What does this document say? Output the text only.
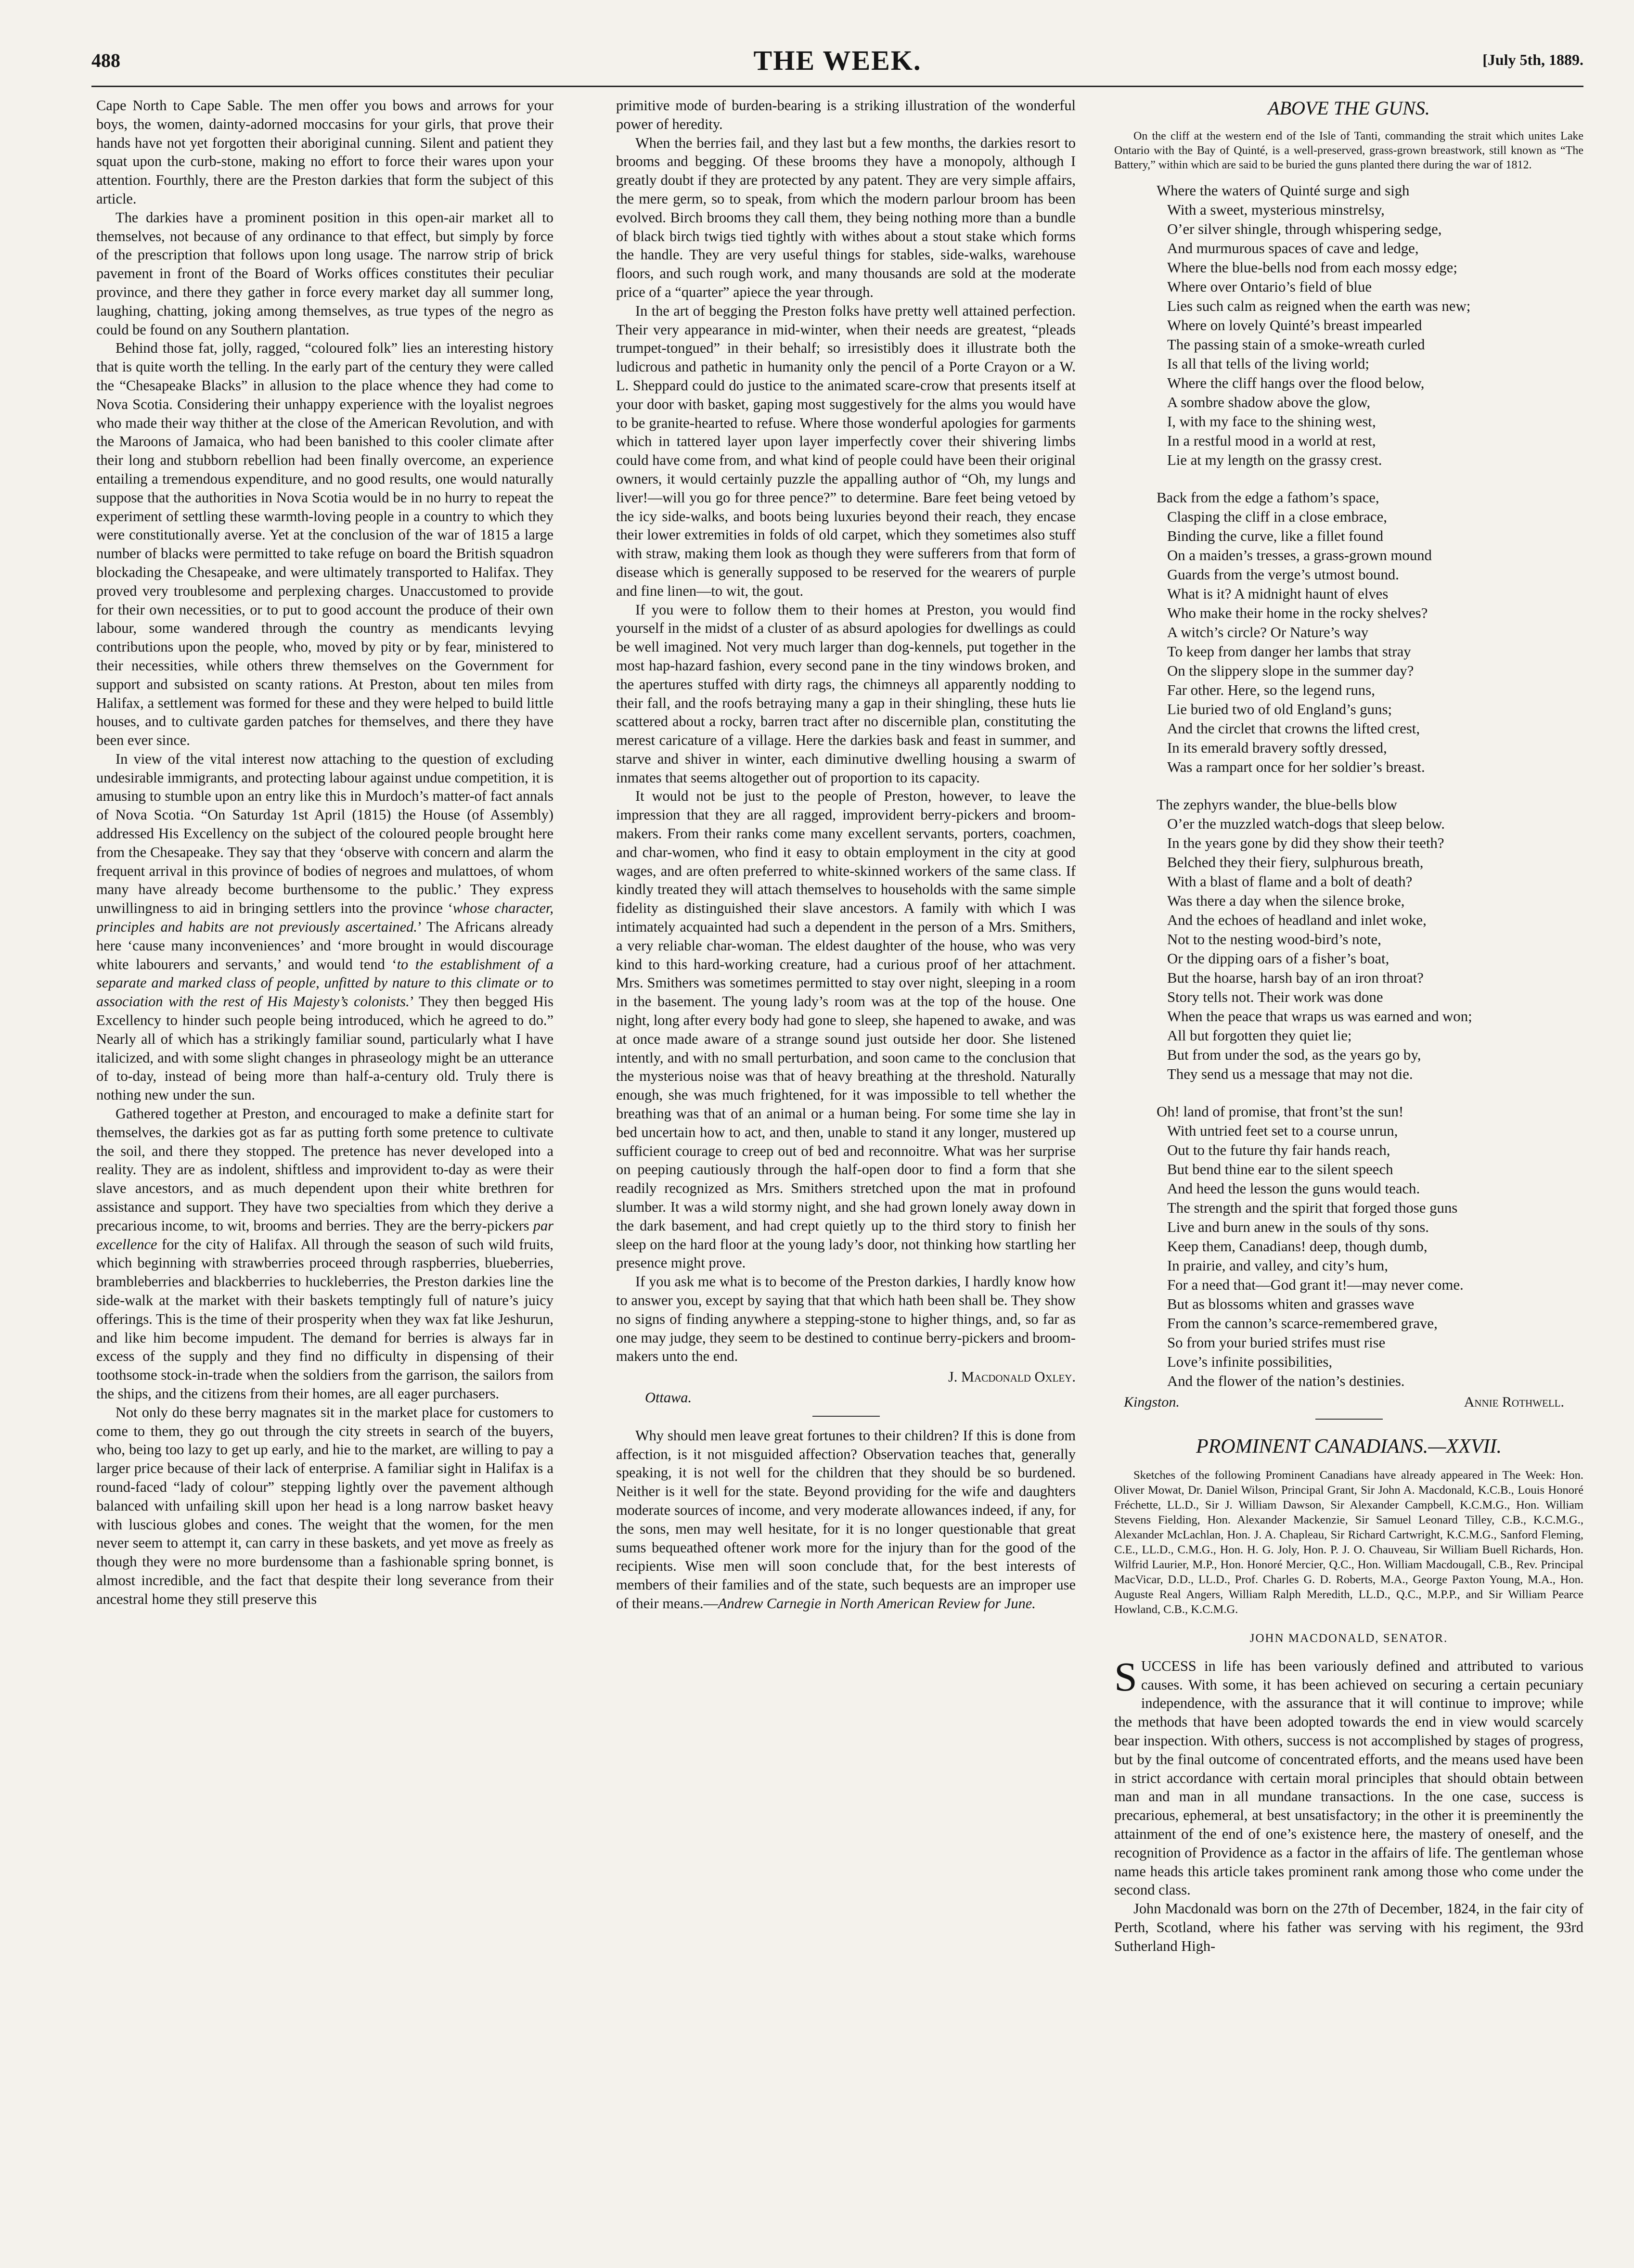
488	THE WEEK.	[July 5th, 1889.

Cape North to Cape Sable. The men offer you bows and arrows for your boys, the women, dainty-adorned moccasins for your girls, that prove their hands have not yet forgotten their aboriginal cunning. Silent and patient they squat upon the curb-stone, making no effort to force their wares upon your attention. Fourthly, there are the Preston darkies that form the subject of this article.

The darkies have a prominent position in this open-air market all to themselves, not because of any ordinance to that effect, but simply by force of the prescription that follows upon long usage. The narrow strip of brick pavement in front of the Board of Works offices constitutes their peculiar province, and there they gather in force every market day all summer long, laughing, chatting, joking among themselves, as true types of the negro as could be found on any Southern plantation.

Behind those fat, jolly, ragged, “coloured folk” lies an interesting history that is quite worth the telling. In the early part of the century they were called the “Chesapeake Blacks” in allusion to the place whence they had come to Nova Scotia. Considering their unhappy experience with the loyalist negroes who made their way thither at the close of the American Revolution, and with the Maroons of Jamaica, who had been banished to this cooler climate after their long and stubborn rebellion had been finally overcome, an experience entailing a tremendous expenditure, and no good results, one would naturally suppose that the authorities in Nova Scotia would be in no hurry to repeat the experiment of settling these warmth-loving people in a country to which they were constitutionally averse. Yet at the conclusion of the war of 1815 a large number of blacks were permitted to take refuge on board the British squadron blockading the Chesapeake, and were ultimately transported to Halifax. They proved very troublesome and perplexing charges. Unaccustomed to provide for their own necessities, or to put to good account the produce of their own labour, some wandered through the country as mendicants levying contributions upon the people, who, moved by pity or by fear, ministered to their necessities, while others threw themselves on the Government for support and subsisted on scanty rations. At Preston, about ten miles from Halifax, a settlement was formed for these and they were helped to build little houses, and to cultivate garden patches for themselves, and there they have been ever since.

In view of the vital interest now attaching to the question of excluding undesirable immigrants, and protecting labour against undue competition, it is amusing to stumble upon an entry like this in Murdoch’s matter-of fact annals of Nova Scotia. “On Saturday 1st April (1815) the House (of Assembly) addressed His Excellency on the subject of the coloured people brought here from the Chesapeake. They say that they ‘observe with concern and alarm the frequent arrival in this province of bodies of negroes and mulattoes, of whom many have already become burthensome to the public.’ They express unwillingness to aid in bringing settlers into the province ‘whose character, principles and habits are not previously ascertained.’ The Africans already here ‘cause many inconveniences’ and ‘more brought in would discourage white labourers and servants,’ and would tend ‘to the establishment of a separate and marked class of people, unfitted by nature to this climate or to association with the rest of His Majesty’s colonists.’ They then begged His Excellency to hinder such people being introduced, which he agreed to do.” Nearly all of which has a strikingly familiar sound, particularly what I have italicized, and with some slight changes in phraseology might be an utterance of to-day, instead of being more than half-a-century old. Truly there is nothing new under the sun.

Gathered together at Preston, and encouraged to make a definite start for themselves, the darkies got as far as putting forth some pretence to cultivate the soil, and there they stopped. The pretence has never developed into a reality. They are as indolent, shiftless and improvident to-day as were their slave ancestors, and as much dependent upon their white brethren for assistance and support. They have two specialties from which they derive a precarious income, to wit, brooms and berries. They are the berry-pickers par excellence for the city of Halifax. All through the season of such wild fruits, which beginning with strawberries proceed through raspberries, blueberries, brambleberries and blackberries to huckleberries, the Preston darkies line the side-walk at the market with their baskets temptingly full of nature’s juicy offerings. This is the time of their prosperity when they wax fat like Jeshurun, and like him become impudent. The demand for berries is always far in excess of the supply and they find no difficulty in dispensing of their toothsome stock-in-trade when the soldiers from the garrison, the sailors from the ships, and the citizens from their homes, are all eager purchasers.

Not only do these berry magnates sit in the market place for customers to come to them, they go out through the city streets in search of the buyers, who, being too lazy to get up early, and hie to the market, are willing to pay a larger price because of their lack of enterprise. A familiar sight in Halifax is a round-faced “lady of colour” stepping lightly over the pavement although balanced with unfailing skill upon her head is a long narrow basket heavy with luscious globes and cones. The weight that the women, for the men never seem to attempt it, can carry in these baskets, and yet move as freely as though they were no more burdensome than a fashionable spring bonnet, is almost incredible, and the fact that despite their long severance from their ancestral home they still preserve this

primitive mode of burden-bearing is a striking illustration of the wonderful power of heredity.

When the berries fail, and they last but a few months, the darkies resort to brooms and begging. Of these brooms they have a monopoly, although I greatly doubt if they are protected by any patent. They are very simple affairs, the mere germ, so to speak, from which the modern parlour broom has been evolved. Birch brooms they call them, they being nothing more than a bundle of black birch twigs tied tightly with withes about a stout stake which forms the handle. They are very useful things for stables, side-walks, warehouse floors, and such rough work, and many thousands are sold at the moderate price of a “quarter” apiece the year through.

In the art of begging the Preston folks have pretty well attained perfection. Their very appearance in mid-winter, when their needs are greatest, “pleads trumpet-tongued” in their behalf; so irresistibly does it illustrate both the ludicrous and pathetic in humanity only the pencil of a Porte Crayon or a W. L. Sheppard could do justice to the animated scare-crow that presents itself at your door with basket, gaping most suggestively for the alms you would have to be granite-hearted to refuse. Where those wonderful apologies for garments which in tattered layer upon layer imperfectly cover their shivering limbs could have come from, and what kind of people could have been their original owners, it would certainly puzzle the appalling author of “Oh, my lungs and liver!—will you go for three pence?” to determine. Bare feet being vetoed by the icy side-walks, and boots being luxuries beyond their reach, they encase their lower extremities in folds of old carpet, which they sometimes also stuff with straw, making them look as though they were sufferers from that form of disease which is generally supposed to be reserved for the wearers of purple and fine linen—to wit, the gout.

If you were to follow them to their homes at Preston, you would find yourself in the midst of a cluster of as absurd apologies for dwellings as could be well imagined. Not very much larger than dog-kennels, put together in the most hap-hazard fashion, every second pane in the tiny windows broken, and the apertures stuffed with dirty rags, the chimneys all apparently nodding to their fall, and the roofs betraying many a gap in their shingling, these huts lie scattered about a rocky, barren tract after no discernible plan, constituting the merest caricature of a village. Here the darkies bask and feast in summer, and starve and shiver in winter, each diminutive dwelling housing a swarm of inmates that seems altogether out of proportion to its capacity.

It would not be just to the people of Preston, however, to leave the impression that they are all ragged, improvident berry-pickers and broom-makers. From their ranks come many excellent servants, porters, coachmen, and char-women, who find it easy to obtain employment in the city at good wages, and are often preferred to white-skinned workers of the same class. If kindly treated they will attach themselves to households with the same simple fidelity as distinguished their slave ancestors. A family with which I was intimately acquainted had such a dependent in the person of a Mrs. Smithers, a very reliable char-woman. The eldest daughter of the house, who was very kind to this hard-working creature, had a curious proof of her attachment. Mrs. Smithers was sometimes permitted to stay over night, sleeping in a room in the basement. The young lady’s room was at the top of the house. One night, long after every body had gone to sleep, she hapened to awake, and was at once made aware of a strange sound just outside her door. She listened intently, and with no small perturbation, and soon came to the conclusion that the mysterious noise was that of heavy breathing at the threshold. Naturally enough, she was much frightened, for it was impossible to tell whether the breathing was that of an animal or a human being. For some time she lay in bed uncertain how to act, and then, unable to stand it any longer, mustered up sufficient courage to creep out of bed and reconnoitre. What was her surprise on peeping cautiously through the half-open door to find a form that she readily recognized as Mrs. Smithers stretched upon the mat in profound slumber. It was a wild stormy night, and she had grown lonely away down in the dark basement, and had crept quietly up to the third story to finish her sleep on the hard floor at the young lady’s door, not thinking how startling her presence might prove.

If you ask me what is to become of the Preston darkies, I hardly know how to answer you, except by saying that that which hath been shall be. They show no signs of finding anywhere a stepping-stone to higher things, and, so far as one may judge, they seem to be destined to continue berry-pickers and broom-makers unto the end.

J. Macdonald Oxley.

Ottawa.

Why should men leave great fortunes to their children? If this is done from affection, is it not misguided affection? Observation teaches that, generally speaking, it is not well for the children that they should be so burdened. Neither is it well for the state. Beyond providing for the wife and daughters moderate sources of income, and very moderate allowances indeed, if any, for the sons, men may well hesitate, for it is no longer questionable that great sums bequeathed oftener work more for the injury than for the good of the recipients. Wise men will soon conclude that, for the best interests of members of their families and of the state, such bequests are an improper use of their means.—Andrew Carnegie in North American Review for June.

ABOVE THE GUNS.
On the cliff at the western end of the Isle of Tanti, commanding the strait which unites Lake Ontario with the Bay of Quinté, is a well-preserved, grass-grown breastwork, still known as “The Battery,” within which are said to be buried the guns planted there during the war of 1812.
Where the waters of Quinté surge and sigh
With a sweet, mysterious minstrelsy,
O’er silver shingle, through whispering sedge,
And murmurous spaces of cave and ledge,
Where the blue-bells nod from each mossy edge;
Where over Ontario’s field of blue
Lies such calm as reigned when the earth was new;
Where on lovely Quinté’s breast impearled
The passing stain of a smoke-wreath curled
Is all that tells of the living world;
Where the cliff hangs over the flood below,
A sombre shadow above the glow,
I, with my face to the shining west,
In a restful mood in a world at rest,
Lie at my length on the grassy crest.
Back from the edge a fathom’s space,
Clasping the cliff in a close embrace,
Binding the curve, like a fillet found
On a maiden’s tresses, a grass-grown mound
Guards from the verge’s utmost bound.
What is it? A midnight haunt of elves
Who make their home in the rocky shelves?
A witch’s circle? Or Nature’s way
To keep from danger her lambs that stray
On the slippery slope in the summer day?
Far other. Here, so the legend runs,
Lie buried two of old England’s guns;
And the circlet that crowns the lifted crest,
In its emerald bravery softly dressed,
Was a rampart once for her soldier’s breast.
The zephyrs wander, the blue-bells blow
O’er the muzzled watch-dogs that sleep below.
In the years gone by did they show their teeth?
Belched they their fiery, sulphurous breath,
With a blast of flame and a bolt of death?
Was there a day when the silence broke,
And the echoes of headland and inlet woke,
Not to the nesting wood-bird’s note,
Or the dipping oars of a fisher’s boat,
But the hoarse, harsh bay of an iron throat?
Story tells not. Their work was done
When the peace that wraps us was earned and won;
All but forgotten they quiet lie;
But from under the sod, as the years go by,
They send us a message that may not die.
Oh! land of promise, that front’st the sun!
With untried feet set to a course unrun,
Out to the future thy fair hands reach,
But bend thine ear to the silent speech
And heed the lesson the guns would teach.
The strength and the spirit that forged those guns
Live and burn anew in the souls of thy sons.
Keep them, Canadians! deep, though dumb,
In prairie, and valley, and city’s hum,
For a need that—God grant it!—may never come.
But as blossoms whiten and grasses wave
From the cannon’s scarce-remembered grave,
So from your buried strifes must rise
Love’s infinite possibilities,
And the flower of the nation’s destinies.
Kingston.	Annie Rothwell.
PROMINENT CANADIANS.—XXVII.
Sketches of the following Prominent Canadians have already appeared in The Week: Hon. Oliver Mowat, Dr. Daniel Wilson, Principal Grant, Sir John A. Macdonald, K.C.B., Louis Honoré Fréchette, LL.D., Sir J. William Dawson, Sir Alexander Campbell, K.C.M.G., Hon. William Stevens Fielding, Hon. Alexander Mackenzie, Sir Samuel Leonard Tilley, C.B., K.C.M.G., Alexander McLachlan, Hon. J. A. Chapleau, Sir Richard Cartwright, K.C.M.G., Sanford Fleming, C.E., LL.D., C.M.G., Hon. H. G. Joly, Hon. P. J. O. Chauveau, Sir William Buell Richards, Hon. Wilfrid Laurier, M.P., Hon. Honoré Mercier, Q.C., Hon. William Macdougall, C.B., Rev. Principal MacVicar, D.D., LL.D., Prof. Charles G. D. Roberts, M.A., George Paxton Young, M.A., Hon. Auguste Real Angers, William Ralph Meredith, LL.D., Q.C., M.P.P., and Sir William Pearce Howland, C.B., K.C.M.G.
JOHN MACDONALD, SENATOR.

SUCCESS in life has been variously defined and attributed to various causes. With some, it has been achieved on securing a certain pecuniary independence, with the assurance that it will continue to improve; while the methods that have been adopted towards the end in view would scarcely bear inspection. With others, success is not accomplished by stages of progress, but by the final outcome of concentrated efforts, and the means used have been in strict accordance with certain moral principles that should obtain between man and man in all mundane transactions. In the one case, success is precarious, ephemeral, at best unsatisfactory; in the other it is preeminently the attainment of the end of one’s existence here, the mastery of oneself, and the recognition of Providence as a factor in the affairs of life. The gentleman whose name heads this article takes prominent rank among those who come under the second class.

John Macdonald was born on the 27th of December, 1824, in the fair city of Perth, Scotland, where his father was serving with his regiment, the 93rd Sutherland High-
